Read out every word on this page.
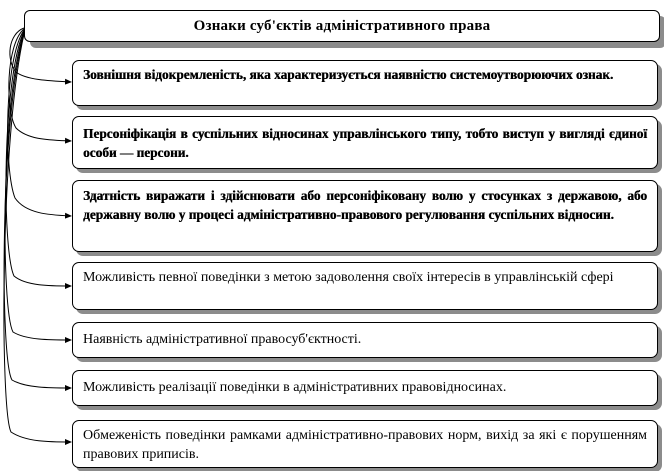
Ознаки суб'єктів адміністративного права
Зовнішня відокремленість, яка характеризується наявністю системоутворюючих ознак.
Персоніфікація в суспільних відносинах управлінського типу, тобто виступ у вигляді єдиної особи — персони.
Здатність виражати і здійснювати або персоніфіковану волю у стосунках з державою, або державну волю у процесі адміністративно-правового регулювання суспільних відносин.
Можливість певної поведінки з метою задоволення своїх інтересів в управлінській сфері
Наявність адміністративної правосуб'єктності.
Можливість реалізації поведінки в адміністративних правовідносинах.
Обмеженість поведінки рамками адміністративно-правових норм, вихід за які є порушенням правових приписів.
